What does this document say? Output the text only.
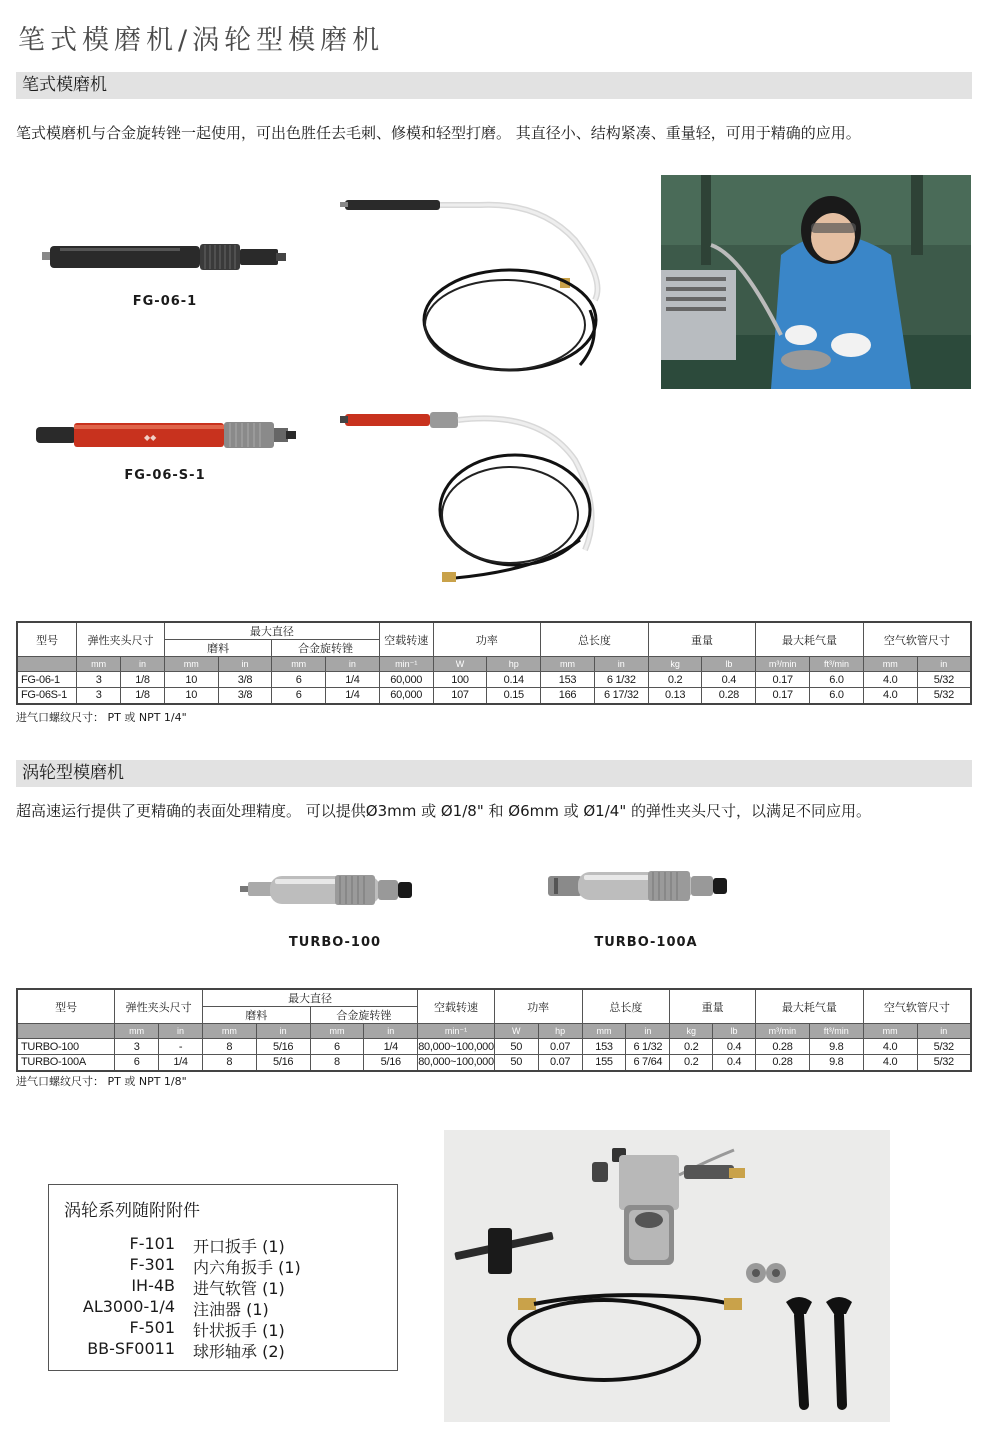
笔式模磨机/涡轮型模磨机
笔式模磨机
笔式模磨机与合金旋转锉一起使用，可出色胜任去毛刺、修模和轻型打磨。 其直径小、结构紧凑、重量轻，可用于精确的应用。
FG-06-1
◆◆
FG-06-S-1
型号	弹性夹头尺寸		最大直径				空载转速	功率		总长度		重量		最大耗气量		空气软管尺寸	
			磨料		合金旋转锉												
	mm	in	mm	in	mm	in	min⁻¹	W	hp	mm	in	kg	lb	m³/min	ft³/min	mm	in
FG-06-1	3	1/8	10	3/8	6	1/4	60,000	100	0.14	153	6 1/32	0.2	0.4	0.17	6.0	4.0	5/32
FG-06S-1	3	1/8	10	3/8	6	1/4	60,000	107	0.15	166	6 17/32	0.13	0.28	0.17	6.0	4.0	5/32
进气口螺纹尺寸： PT 或 NPT 1/4"
涡轮型模磨机
超高速运行提供了更精确的表面处理精度。 可以提供Ø3mm 或 Ø1/8" 和 Ø6mm 或 Ø1/4" 的弹性夹头尺寸，以满足不同应用。
TURBO-100	TURBO-100A
型号	弹性夹头尺寸		最大直径				空载转速	功率		总长度		重量		最大耗气量		空气软管尺寸	
			磨料		合金旋转锉												
	mm	in	mm	in	mm	in	min⁻¹	W	hp	mm	in	kg	lb	m³/min	ft³/min	mm	in
TURBO-100	3	-	8	5/16	6	1/4	80,000~100,000	50	0.07	153	6 1/32	0.2	0.4	0.28	9.8	4.0	5/32
TURBO-100A	6	1/4	8	5/16	8	5/16	80,000~100,000	50	0.07	155	6 7/64	0.2	0.4	0.28	9.8	4.0	5/32
进气口螺纹尺寸： PT 或 NPT 1/8"
涡轮系列随附附件
F-101 开口扳手 (1)
F-301 内六角扳手 (1)
IH-4B 进气软管 (1)
AL3000-1/4 注油器 (1)
F-501 针状扳手 (1)
BB-SF0011 球形轴承 (2)
